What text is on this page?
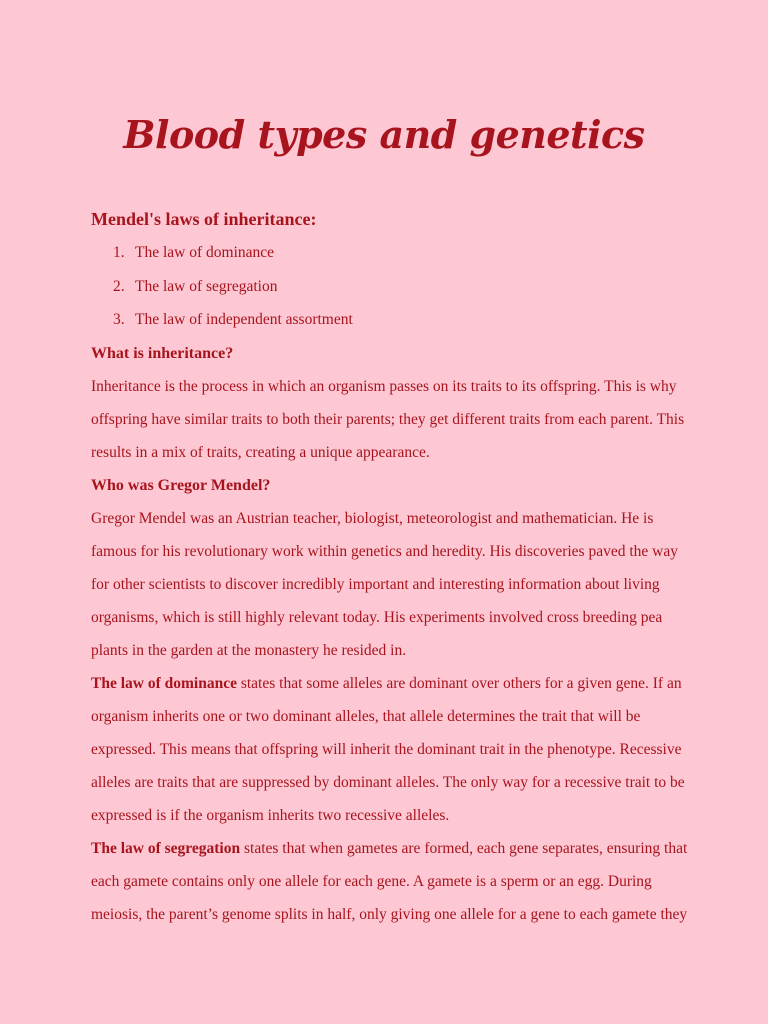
Blood types and genetics
Mendel's laws of inheritance:
1. The law of dominance
2. The law of segregation
3. The law of independent assortment
What is inheritance?

Inheritance is the process in which an organism passes on its traits to its offspring. This is why offspring have similar traits to both their parents; they get different traits from each parent. This results in a mix of traits, creating a unique appearance.

Who was Gregor Mendel?

Gregor Mendel was an Austrian teacher, biologist, meteorologist and mathematician. He is famous for his revolutionary work within genetics and heredity. His discoveries paved the way for other scientists to discover incredibly important and interesting information about living organisms, which is still highly relevant today. His experiments involved cross breeding pea plants in the garden at the monastery he resided in.

The law of dominance states that some alleles are dominant over others for a given gene. If an organism inherits one or two dominant alleles, that allele determines the trait that will be expressed. This means that offspring will inherit the dominant trait in the phenotype. Recessive alleles are traits that are suppressed by dominant alleles. The only way for a recessive trait to be expressed is if the organism inherits two recessive alleles.

The law of segregation states that when gametes are formed, each gene separates, ensuring that each gamete contains only one allele for each gene. A gamete is a sperm or an egg. During meiosis, the parent’s genome splits in half, only giving one allele for a gene to each gamete they
